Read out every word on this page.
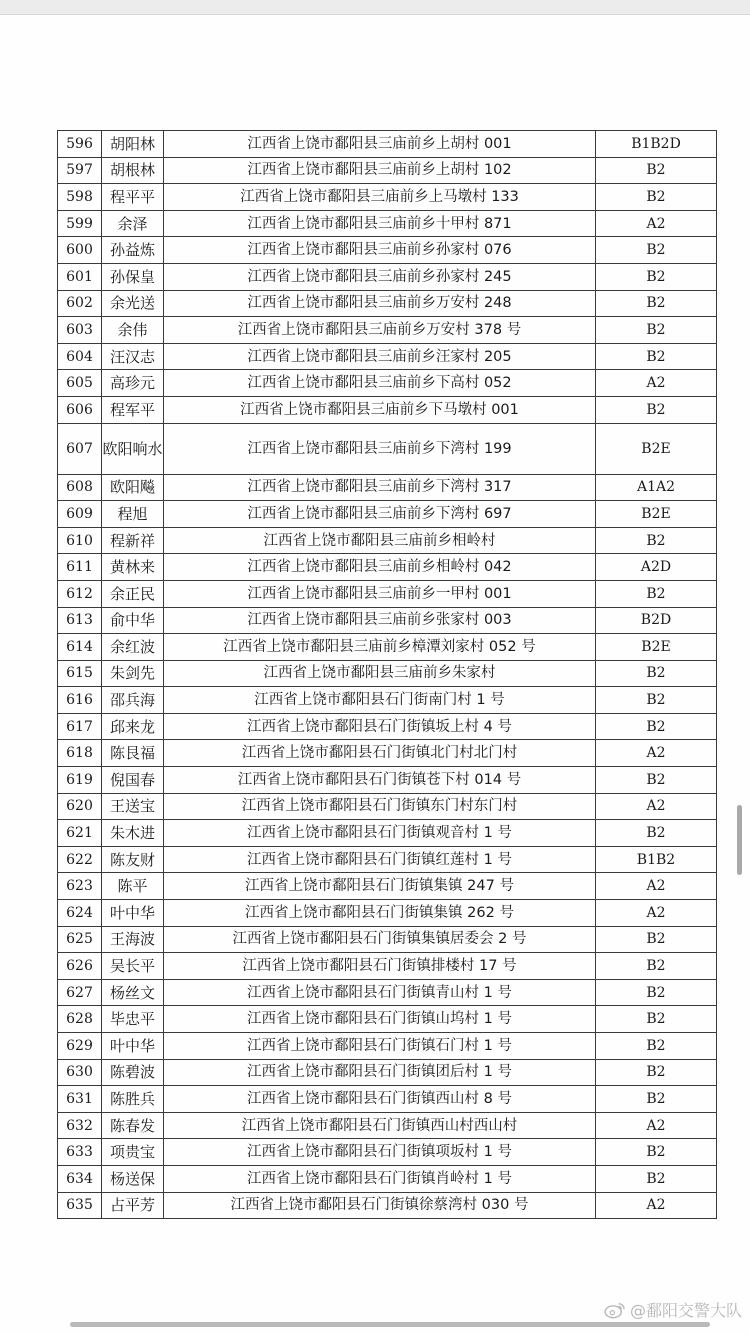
596	胡阳林	江西省上饶市鄱阳县三庙前乡上胡村 001	B1B2D
597	胡根林	江西省上饶市鄱阳县三庙前乡上胡村 102	B2
598	程平平	江西省上饶市鄱阳县三庙前乡上马墩村 133	B2
599	余泽	江西省上饶市鄱阳县三庙前乡十甲村 871	A2
600	孙益炼	江西省上饶市鄱阳县三庙前乡孙家村 076	B2
601	孙保皇	江西省上饶市鄱阳县三庙前乡孙家村 245	B2
602	余光送	江西省上饶市鄱阳县三庙前乡万安村 248	B2
603	余伟	江西省上饶市鄱阳县三庙前乡万安村 378 号	B2
604	汪汉志	江西省上饶市鄱阳县三庙前乡汪家村 205	B2
605	高珍元	江西省上饶市鄱阳县三庙前乡下高村 052	A2
606	程军平	江西省上饶市鄱阳县三庙前乡下马墩村 001	B2
607	欧阳响水	江西省上饶市鄱阳县三庙前乡下湾村 199	B2E
608	欧阳飚	江西省上饶市鄱阳县三庙前乡下湾村 317	A1A2
609	程旭	江西省上饶市鄱阳县三庙前乡下湾村 697	B2E
610	程新祥	江西省上饶市鄱阳县三庙前乡相岭村	B2
611	黄林来	江西省上饶市鄱阳县三庙前乡相岭村 042	A2D
612	余正民	江西省上饶市鄱阳县三庙前乡一甲村 001	B2
613	俞中华	江西省上饶市鄱阳县三庙前乡张家村 003	B2D
614	余红波	江西省上饶市鄱阳县三庙前乡樟潭刘家村 052 号	B2E
615	朱剑先	江西省上饶市鄱阳县三庙前乡朱家村	B2
616	邵兵海	江西省上饶市鄱阳县石门街南门村 1 号	B2
617	邱来龙	江西省上饶市鄱阳县石门街镇坂上村 4 号	B2
618	陈艮福	江西省上饶市鄱阳县石门街镇北门村北门村	A2
619	倪国春	江西省上饶市鄱阳县石门街镇苍下村 014 号	B2
620	王送宝	江西省上饶市鄱阳县石门街镇东门村东门村	A2
621	朱木进	江西省上饶市鄱阳县石门街镇观音村 1 号	B2
622	陈友财	江西省上饶市鄱阳县石门街镇红莲村 1 号	B1B2
623	陈平	江西省上饶市鄱阳县石门街镇集镇 247 号	A2
624	叶中华	江西省上饶市鄱阳县石门街镇集镇 262 号	A2
625	王海波	江西省上饶市鄱阳县石门街镇集镇居委会 2 号	B2
626	吴长平	江西省上饶市鄱阳县石门街镇排楼村 17 号	B2
627	杨丝文	江西省上饶市鄱阳县石门街镇青山村 1 号	B2
628	毕忠平	江西省上饶市鄱阳县石门街镇山坞村 1 号	B2
629	叶中华	江西省上饶市鄱阳县石门街镇石门村 1 号	B2
630	陈碧波	江西省上饶市鄱阳县石门街镇团后村 1 号	B2
631	陈胜兵	江西省上饶市鄱阳县石门街镇西山村 8 号	B2
632	陈春发	江西省上饶市鄱阳县石门街镇西山村西山村	A2
633	项贵宝	江西省上饶市鄱阳县石门街镇项坂村 1 号	B2
634	杨送保	江西省上饶市鄱阳县石门街镇肖岭村 1 号	B2
635	占平芳	江西省上饶市鄱阳县石门街镇徐蔡湾村 030 号	A2
@鄱阳交警大队
